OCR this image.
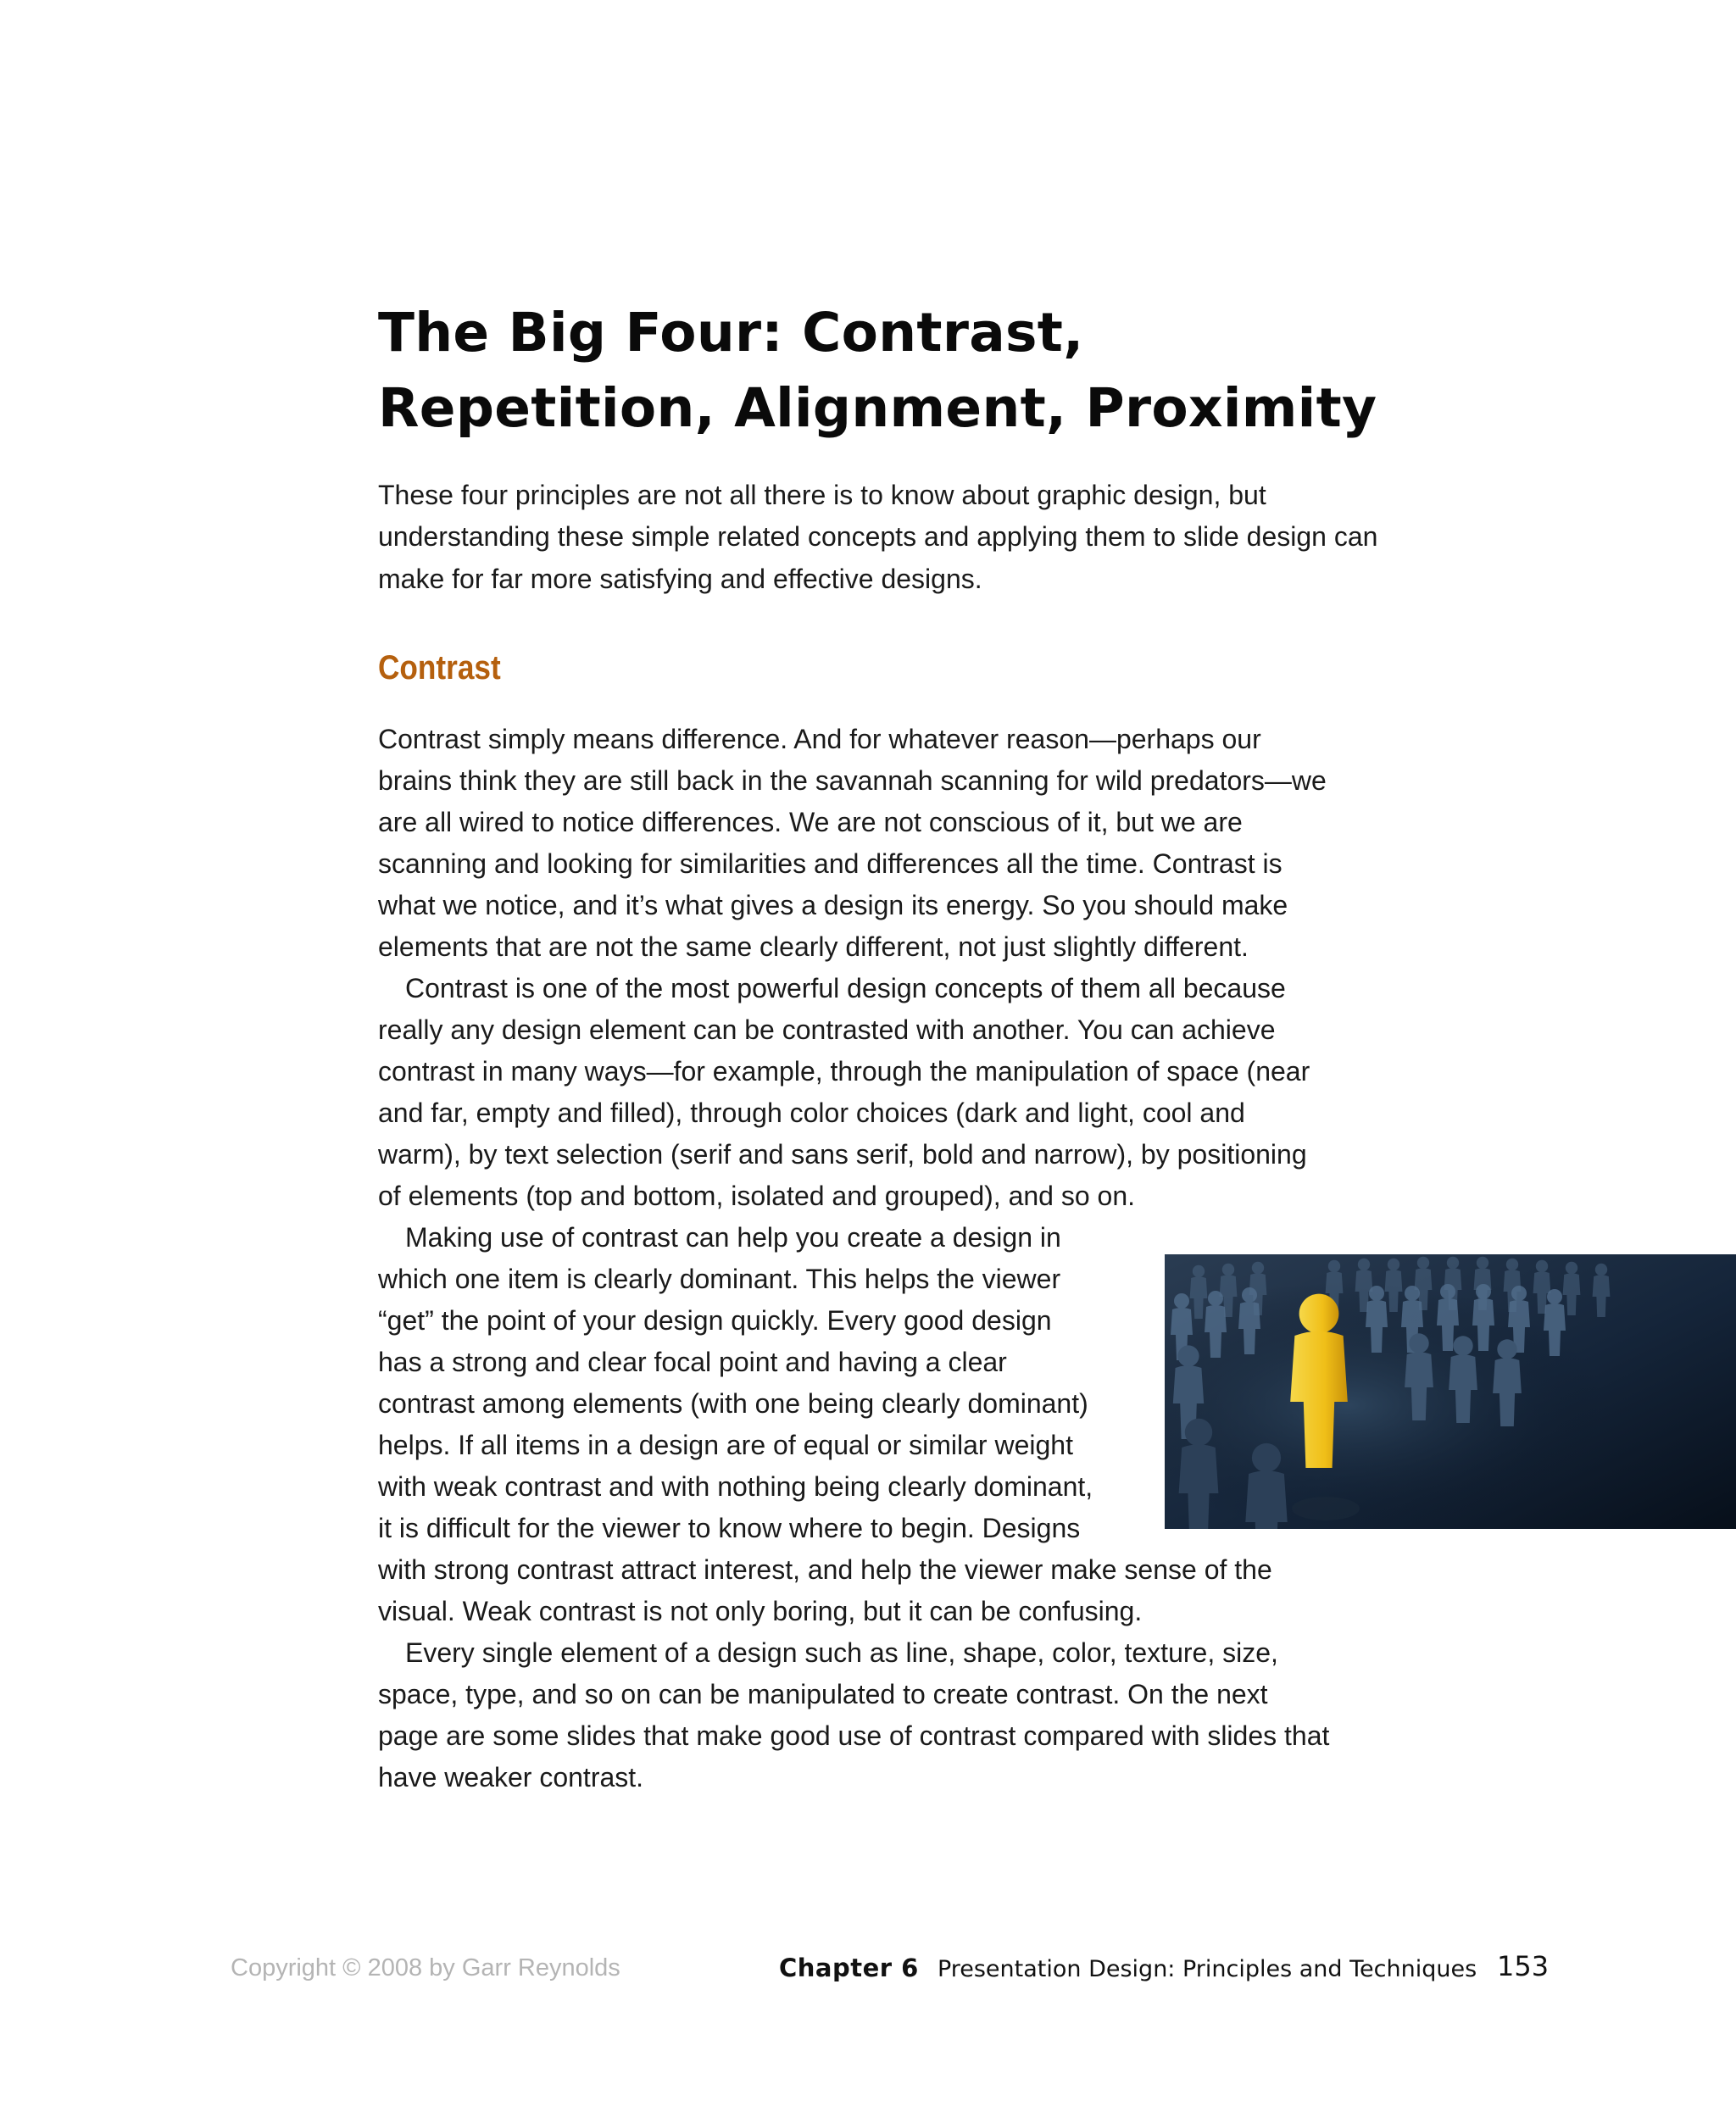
The Big Four: Contrast,
Repetition, Alignment, Proximity

These four principles are not all there is to know about graphic design, but understanding these simple related concepts and applying them to slide design can make for far more satisfying and effective designs.

Contrast

Contrast simply means difference. And for whatever reason—perhaps our

brains think they are still back in the savannah scanning for wild predators—we

are all wired to notice differences. We are not conscious of it, but we are

scanning and looking for similarities and differences all the time. Contrast is

what we notice, and it’s what gives a design its energy. So you should make

elements that are not the same clearly different, not just slightly different.

Contrast is one of the most powerful design concepts of them all because

really any design element can be contrasted with another. You can achieve

contrast in many ways—for example, through the manipulation of space (near

and far, empty and filled), through color choices (dark and light, cool and

warm), by text selection (serif and sans serif, bold and narrow), by positioning

of elements (top and bottom, isolated and grouped), and so on.

Making use of contrast can help you create a design in

which one item is clearly dominant. This helps the viewer

“get” the point of your design quickly. Every good design

has a strong and clear focal point and having a clear

contrast among elements (with one being clearly dominant)

helps. If all items in a design are of equal or similar weight

with weak contrast and with nothing being clearly dominant,

it is difficult for the viewer to know where to begin. Designs

with strong contrast attract interest, and help the viewer make sense of the

visual. Weak contrast is not only boring, but it can be confusing.

Every single element of a design such as line, shape, color, texture, size,

space, type, and so on can be manipulated to create contrast. On the next

page are some slides that make good use of contrast compared with slides that

have weaker contrast.

Copyright © 2008 by Garr Reynolds	Chapter 6 Presentation Design: Principles and Techniques 153
